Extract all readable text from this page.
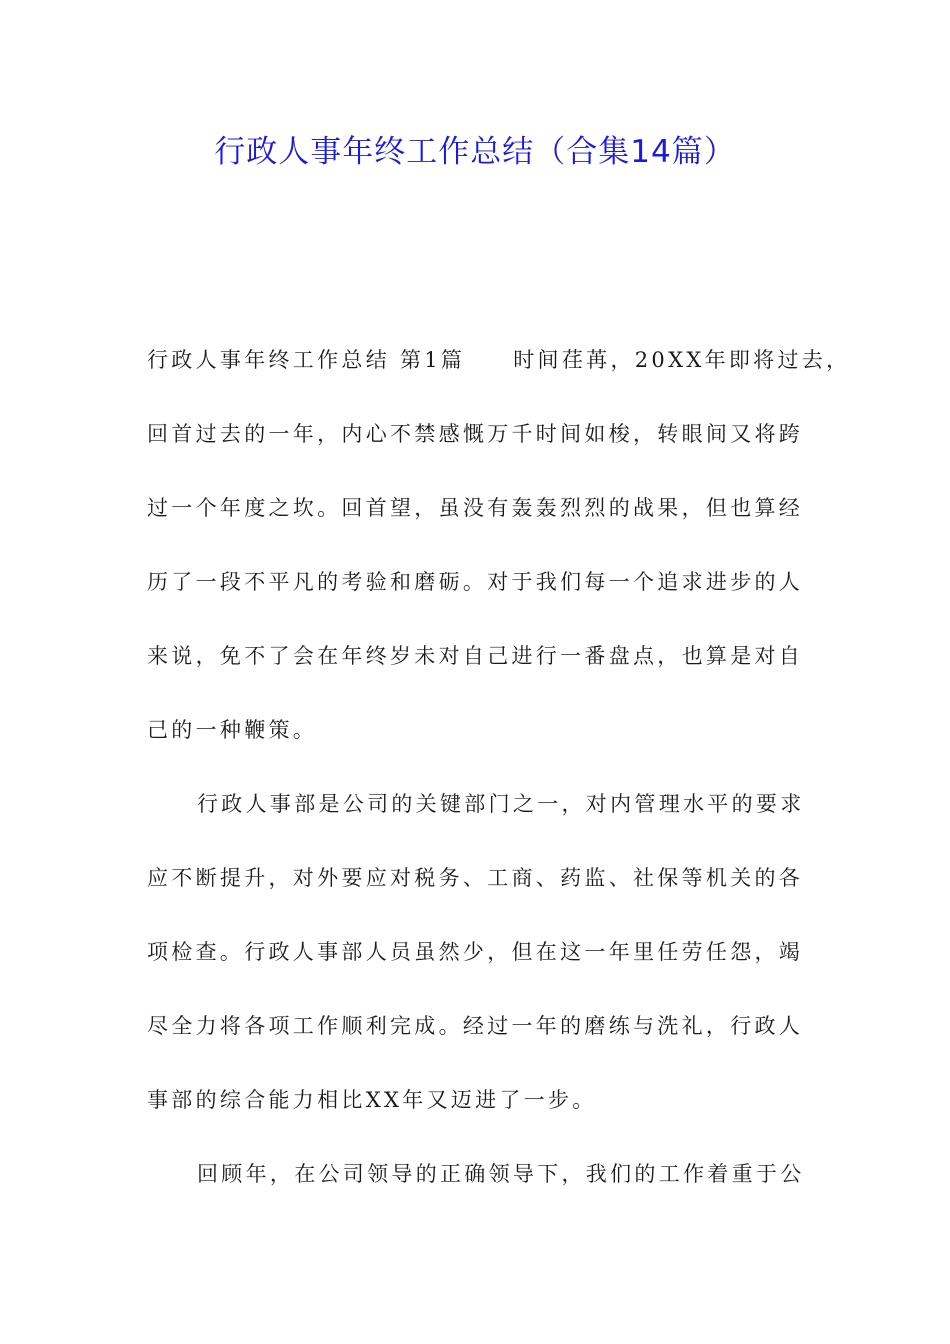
行政人事年终工作总结（合集14篇）
行政人事年终工作总结 第1篇 时间荏苒，20XX年即将过去，
回首过去的一年，内心不禁感慨万千时间如梭，转眼间又将跨
过一个年度之坎。回首望，虽没有轰轰烈烈的战果，但也算经
历了一段不平凡的考验和磨砺。对于我们每一个追求进步的人
来说，免不了会在年终岁未对自己进行一番盘点，也算是对自
己的一种鞭策。
行政人事部是公司的关键部门之一，对内管理水平的要求
应不断提升，对外要应对税务、工商、药监、社保等机关的各
项检查。行政人事部人员虽然少，但在这一年里任劳任怨，竭
尽全力将各项工作顺利完成。经过一年的磨练与洗礼，行政人
事部的综合能力相比XX年又迈进了一步。
回顾年，在公司领导的正确领导下，我们的工作着重于公
